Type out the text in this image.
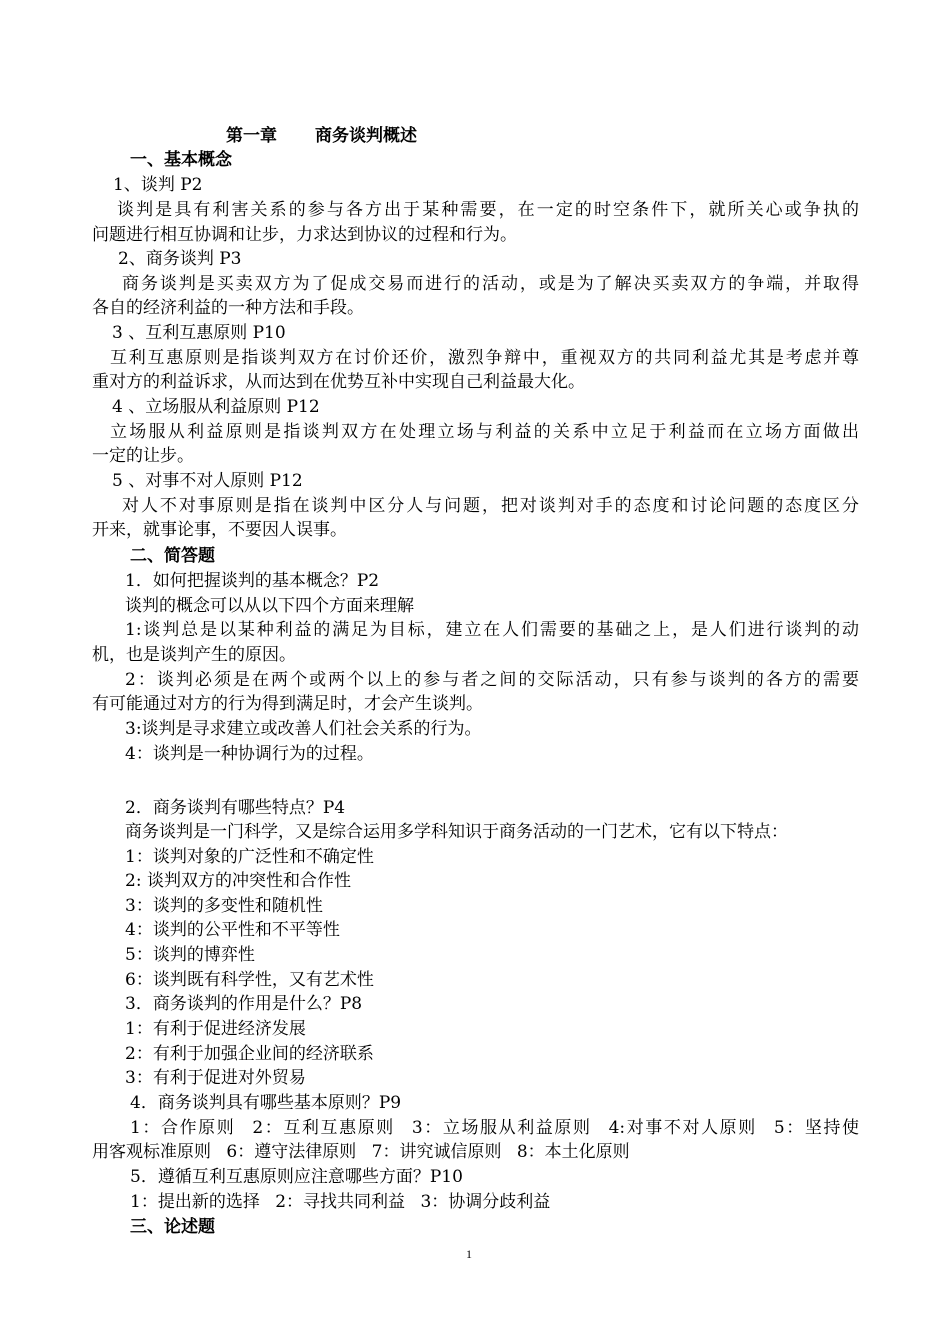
第一章 商务谈判概述

一、基本概念

1、谈判 P2

谈判是具有利害关系的参与各方出于某种需要，在一定的时空条件下，就所关心或争执的

问题进行相互协调和让步，力求达到协议的过程和行为。

2、商务谈判 P3

商务谈判是买卖双方为了促成交易而进行的活动，或是为了解决买卖双方的争端，并取得

各自的经济利益的一种方法和手段。

3 、互利互惠原则 P10

互利互惠原则是指谈判双方在讨价还价，激烈争辩中，重视双方的共同利益尤其是考虑并尊

重对方的利益诉求，从而达到在优势互补中实现自己利益最大化。

4 、立场服从利益原则 P12

立场服从利益原则是指谈判双方在处理立场与利益的关系中立足于利益而在立场方面做出

一定的让步。

5 、对事不对人原则 P12

对人不对事原则是指在谈判中区分人与问题，把对谈判对手的态度和讨论问题的态度区分

开来，就事论事，不要因人误事。

二、简答题

1．如何把握谈判的基本概念？P2

谈判的概念可以从以下四个方面来理解

1:谈判总是以某种利益的满足为目标，建立在人们需要的基础之上，是人们进行谈判的动

机，也是谈判产生的原因。

2：谈判必须是在两个或两个以上的参与者之间的交际活动，只有参与谈判的各方的需要

有可能通过对方的行为得到满足时，才会产生谈判。

3:谈判是寻求建立或改善人们社会关系的行为。

4：谈判是一种协调行为的过程。

2．商务谈判有哪些特点？P4

商务谈判是一门科学，又是综合运用多学科知识于商务活动的一门艺术，它有以下特点：

1：谈判对象的广泛性和不确定性

2: 谈判双方的冲突性和合作性

3：谈判的多变性和随机性

4：谈判的公平性和不平等性

5：谈判的博弈性

6：谈判既有科学性，又有艺术性

3．商务谈判的作用是什么？P8

1：有利于促进经济发展

2：有利于加强企业间的经济联系

3：有利于促进对外贸易

4．商务谈判具有哪些基本原则？P9

1：合作原则 2：互利互惠原则 3：立场服从利益原则 4:对事不对人原则 5：坚持使

用客观标准原则 6：遵守法律原则 7：讲究诚信原则 8：本土化原则

5．遵循互利互惠原则应注意哪些方面？P10

1：提出新的选择 2：寻找共同利益 3：协调分歧利益

三、论述题

1
